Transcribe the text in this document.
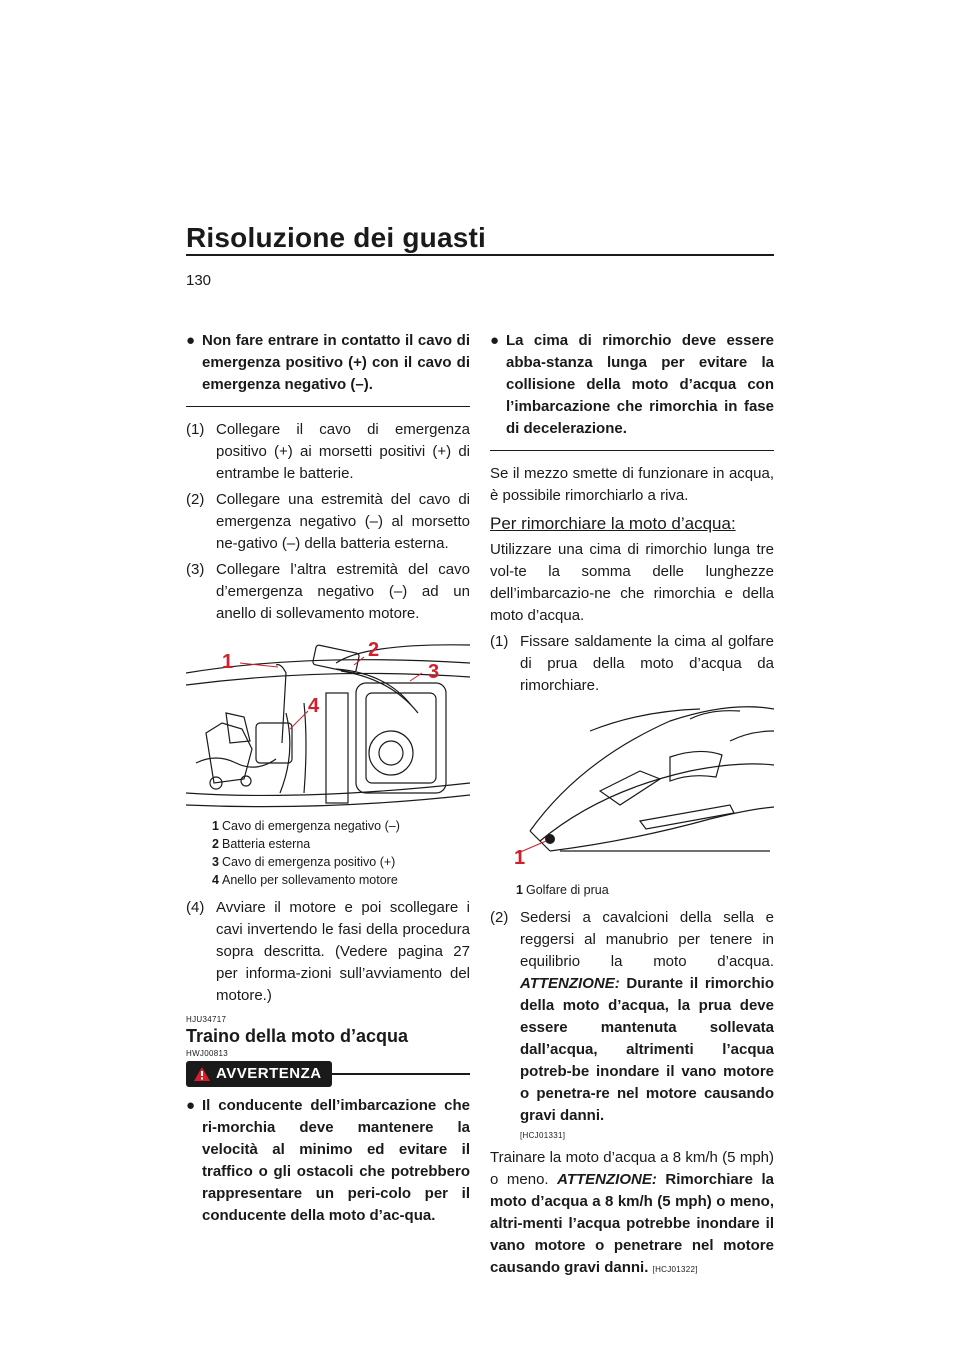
Risoluzione dei guasti
130

● Non fare entrare in contatto il cavo di emergenza positivo (+) con il cavo di emergenza negativo (–).

(1) Collegare il cavo di emergenza positivo (+) ai morsetti positivi (+) di entrambe le batterie.

(2) Collegare una estremità del cavo di emergenza negativo (–) al morsetto ne-gativo (–) della batteria esterna.

(3) Collegare l’altra estremità del cavo d’emergenza negativo (–) ad un anello di sollevamento motore.

1
2
3
4
1 Cavo di emergenza negativo (–)
2 Batteria esterna
3 Cavo di emergenza positivo (+)
4 Anello per sollevamento motore

(4) Avviare il motore e poi scollegare i cavi invertendo le fasi della procedura sopra descritta. (Vedere pagina 27 per informa-zioni sull’avviamento del motore.)

HJU34717
Traino della moto d’acqua
HWJ00813
AVVERTENZA

● Il conducente dell’imbarcazione che ri-morchia deve mantenere la velocità al minimo ed evitare il traffico o gli ostacoli che potrebbero rappresentare un peri-colo per il conducente della moto d’ac-qua.

● La cima di rimorchio deve essere abba-stanza lunga per evitare la collisione della moto d’acqua con l’imbarcazione che rimorchia in fase di decelerazione.

Se il mezzo smette di funzionare in acqua, è possibile rimorchiarlo a riva.

Per rimorchiare la moto d’acqua:

Utilizzare una cima di rimorchio lunga tre vol-te la somma delle lunghezze dell’imbarcazio-ne che rimorchia e della moto d’acqua.

(1) Fissare saldamente la cima al golfare di prua della moto d’acqua da rimorchiare.

1
1 Golfare di prua

(2) Sedersi a cavalcioni della sella e reggersi al manubrio per tenere in equilibrio la moto d’acqua. ATTENZIONE: Durante il rimorchio della moto d’acqua, la prua deve essere mantenuta sollevata dall’acqua, altrimenti l’acqua potreb-be inondare il vano motore o penetra-re nel motore causando gravi danni.

[HCJ01331]

Trainare la moto d’acqua a 8 km/h (5 mph) o meno. ATTENZIONE: Rimorchiare la moto d’acqua a 8 km/h (5 mph) o meno, altri-menti l’acqua potrebbe inondare il vano motore o penetrare nel motore causando gravi danni. [HCJ01322]
